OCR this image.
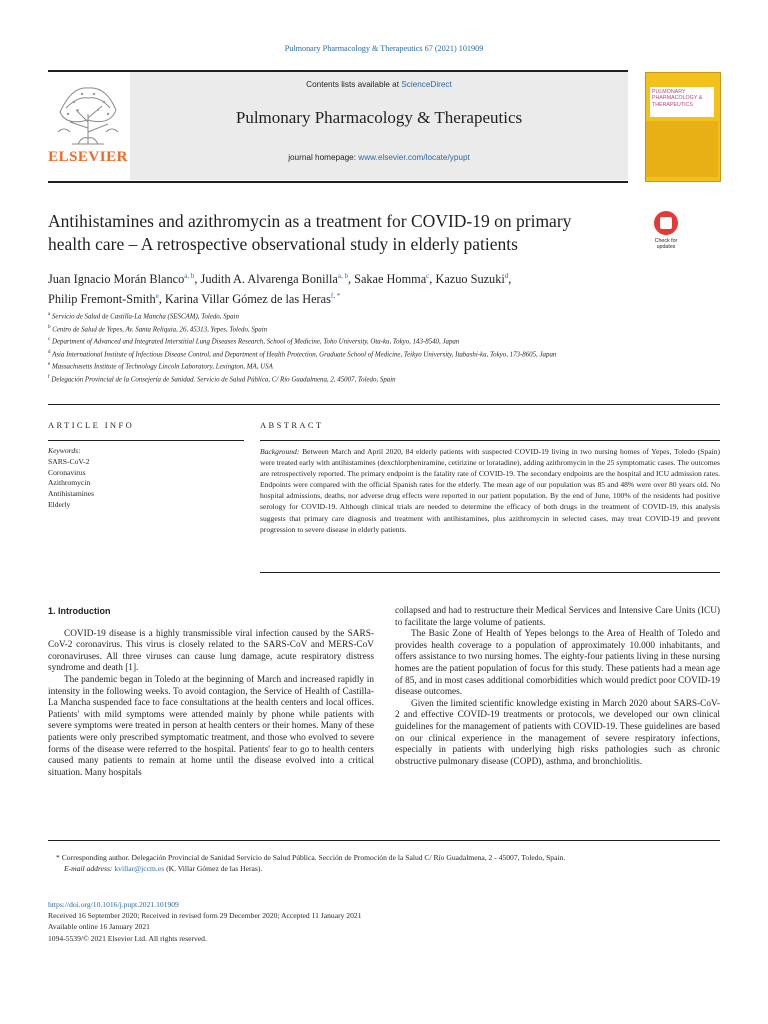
Pulmonary Pharmacology & Therapeutics 67 (2021) 101909
ELSEVIER
Contents lists available at ScienceDirect
Pulmonary Pharmacology & Therapeutics
journal homepage: www.elsevier.com/locate/ypupt
PULMONARY PHARMACOLOGY & THERAPEUTICS
Antihistamines and azithromycin as a treatment for COVID-19 on primary health care – A retrospective observational study in elderly patients	Check for updates
Juan Ignacio Morán Blanco$^{a, b}$, Judith A. Alvarenga Bonilla$^{a, b}$, Sakae Homma$^c$, Kazuo Suzuki$^d$,
Philip Fremont-Smith$^e$, Karina Villar Gómez de las Heras$^{f, *}$
$^a$ Servicio de Salud de Castilla-La Mancha (SESCAM), Toledo, Spain
$^b$ Centro de Salud de Yepes, Av. Santa Reliquia, 26, 45313, Yepes, Toledo, Spain
$^c$ Department of Advanced and Integrated Interstitial Lung Diseases Research, School of Medicine, Toho University, Ota-ku, Tokyo, 143-8540, Japan
$^d$ Asia International Institute of Infectious Disease Control, and Department of Health Protection, Graduate School of Medicine, Teikyo University, Itabashi-ku, Tokyo, 173-8605, Japan
$^e$ Massachusetts Institute of Technology Lincoln Laboratory, Lexington, MA, USA
$^f$ Delegación Provincial de la Consejería de Sanidad. Servicio de Salud Pública, C/ Río Guadalmena, 2, 45007, Toledo, Spain
ARTICLE INFO	ABSTRACT
Keywords:
SARS-CoV-2
Coronavirus
Azithromycin
Antihistamines
Elderly
Background: Between March and April 2020, 84 elderly patients with suspected COVID-19 living in two nursing homes of Yepes, Toledo (Spain) were treated early with antihistamines (dexchlorpheniramine, cetirizine or loratadine), adding azithromycin in the 25 symptomatic cases. The outcomes are retrospectively reported. The primary endpoint is the fatality rate of COVID-19. The secondary endpoints are the hospital and ICU admission rates. Endpoints were compared with the official Spanish rates for the elderly. The mean age of our population was 85 and 48% were over 80 years old. No hospital admissions, deaths, nor adverse drug effects were reported in our patient population. By the end of June, 100% of the residents had positive serology for COVID-19. Although clinical trials are needed to determine the efficacy of both drugs in the treatment of COVID-19, this analysis suggests that primary care diagnosis and treatment with antihistamines, plus azithromycin in selected cases, may treat COVID-19 and prevent progression to severe disease in elderly patients.

1. Introduction

COVID-19 disease is a highly transmissible viral infection caused by the SARS-CoV-2 coronavirus. This virus is closely related to the SARS-CoV and MERS-CoV coronaviruses. All three viruses can cause lung damage, acute respiratory distress syndrome and death [1].

The pandemic began in Toledo at the beginning of March and increased rapidly in intensity in the following weeks. To avoid contagion, the Service of Health of Castilla-La Mancha suspended face to face consultations at the health centers and local offices. Patients' with mild symptoms were attended mainly by phone while patients with severe symptoms were treated in person at health centers or their homes. Many of these patients were only prescribed symptomatic treatment, and those who evolved to severe forms of the disease were referred to the hospital. Patients' fear to go to health centers caused many patients to remain at home until the disease evolved into a critical situation. Many hospitals

collapsed and had to restructure their Medical Services and Intensive Care Units (ICU) to facilitate the large volume of patients.

The Basic Zone of Health of Yepes belongs to the Area of Health of Toledo and provides health coverage to a population of approximately 10.000 inhabitants, and offers assistance to two nursing homes. The eighty-four patients living in these nursing homes are the patient population of focus for this study. These patients had a mean age of 85, and in most cases additional comorbidities which would predict poor COVID-19 disease outcomes.

Given the limited scientific knowledge existing in March 2020 about SARS-CoV-2 and effective COVID-19 treatments or protocols, we developed our own clinical guidelines for the management of patients with COVID-19. These guidelines are based on our clinical experience in the management of severe respiratory infections, especially in patients with underlying high risks pathologies such as chronic obstructive pulmonary disease (COPD), asthma, and bronchiolitis.

* Corresponding author. Delegación Provincial de Sanidad Servicio de Salud Pública. Sección de Promoción de la Salud C/ Río Guadalmena, 2 - 45007, Toledo, Spain.
E-mail address: kvillar@jccm.es (K. Villar Gómez de las Heras).
https://doi.org/10.1016/j.pupt.2021.101909
Received 16 September 2020; Received in revised form 29 December 2020; Accepted 11 January 2021
Available online 16 January 2021
1094-5539/© 2021 Elsevier Ltd. All rights reserved.
